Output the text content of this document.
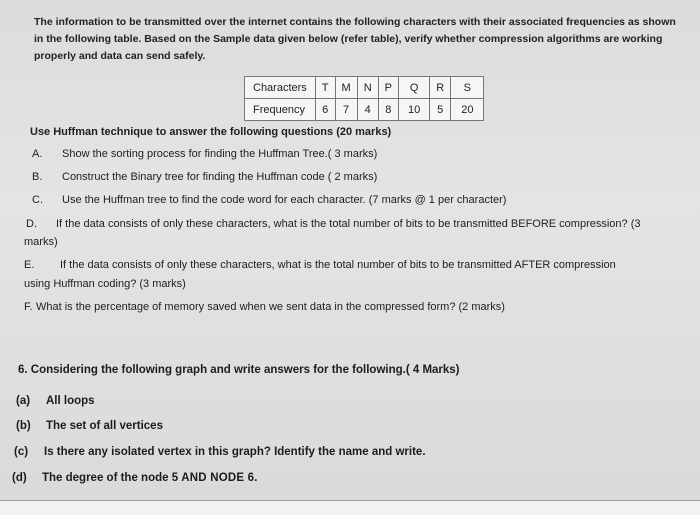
The information to be transmitted over the internet contains the following characters with their associated frequencies as shown in the following table. Based on the Sample data given below (refer table), verify whether compression algorithms are working properly and data can send safely.
Characters	T	M	N	P	Q	R	S
Frequency	6	7	4	8	10	5	20
Use Huffman technique to answer the following questions (20 marks)
A. Show the sorting process for finding the Huffman Tree.( 3 marks)
B. Construct the Binary tree for finding the Huffman code ( 2 marks)
C. Use the Huffman tree to find the code word for each character. (7 marks @ 1 per character)
D. If the data consists of only these characters, what is the total number of bits to be transmitted BEFORE compression? (3
marks)
E. If the data consists of only these characters, what is the total number of bits to be transmitted AFTER compression
using Huffman coding? (3 marks)
F. What is the percentage of memory saved when we sent data in the compressed form? (2 marks)
6. Considering the following graph and write answers for the following.( 4 Marks)
(a) All loops
(b) The set of all vertices
(c) Is there any isolated vertex in this graph? Identify the name and write.
(d) The degree of the node 5 AND NODE 6.
